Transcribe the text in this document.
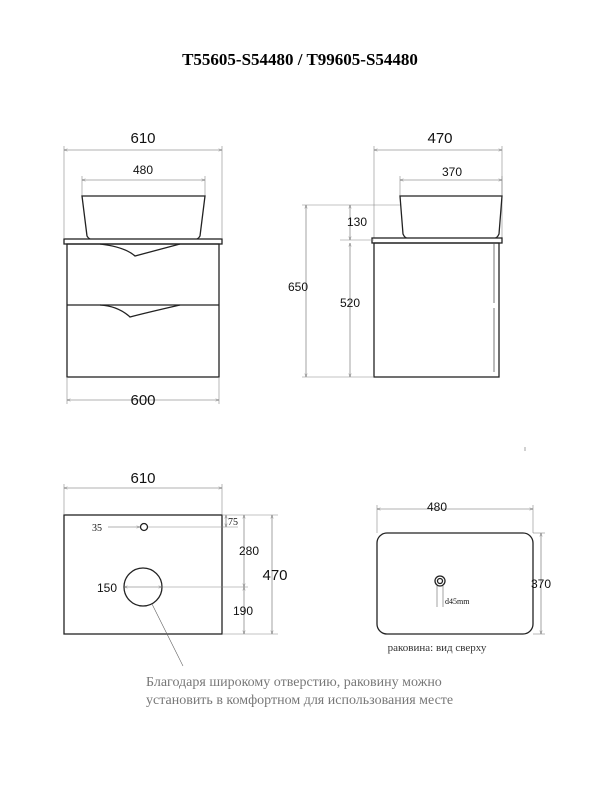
T55605-S54480 / T99605-S54480
610
480
600
470
370
650
130
520
610
35
75
150
280
190
470
480
d45mm
370
раковина: вид сверху
Благодаря широкому отверстию, раковину можно
установить в комфортном для использования месте
